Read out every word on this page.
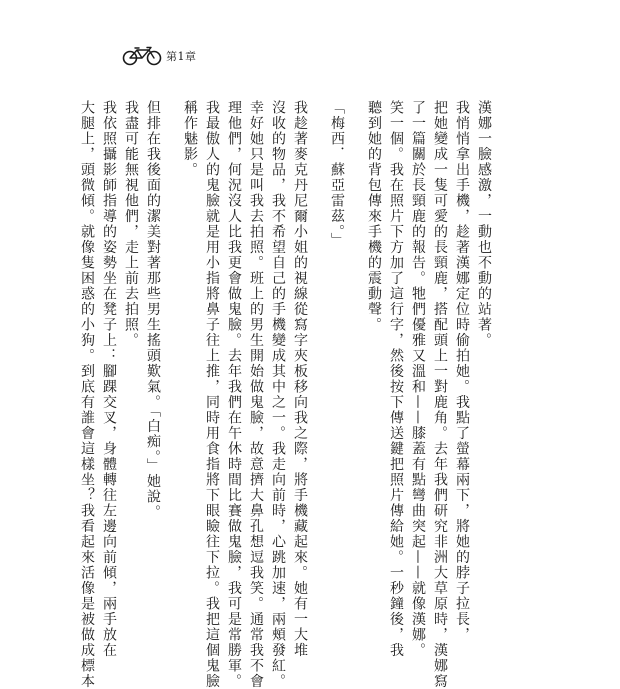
第1章
漢娜一臉感激，一動也不動的站著。
我悄悄拿出手機，趁著漢娜定位時偷拍她。我點了螢幕兩下，將她的脖子拉長，
把她變成一隻可愛的長頸鹿，搭配頭上一對鹿角。去年我們研究非洲大草原時，漢娜寫
了一篇關於長頸鹿的報告。牠們優雅又溫和——膝蓋有點彎曲突起——就像漢娜。
笑一個。我在照片下方加了這行字，然後按下傳送鍵把照片傳給她。一秒鐘後，我
聽到她的背包傳來手機的震動聲。
「梅西．蘇亞雷茲。」
我趁著麥克丹尼爾小姐的視線從寫字夾板移向我之際，將手機藏起來。她有一大堆
沒收的物品，我不希望自己的手機變成其中之一。我走向前時，心跳加速，兩頰發紅。
幸好她只是叫我去拍照。班上的男生開始做鬼臉，故意擠大鼻孔想逗我笑。通常我不會
理他們，何況沒人比我更會做鬼臉。去年我們在午休時間比賽做鬼臉，我可是常勝軍。
我最傲人的鬼臉就是用小指將鼻子往上推，同時用食指將下眼瞼往下拉。我把這個鬼臉
稱作魅影。
但排在我後面的潔美對著那些男生搖頭歎氣。「白痴。」她說。
我盡可能無視他們，走上前去拍照。
我依照攝影師指導的姿勢坐在凳子上：腳踝交叉，身體轉往左邊向前傾，兩手放在
大腿上，頭微傾。就像隻困惑的小狗。到底有誰會這樣坐？我看起來活像是被做成標本
